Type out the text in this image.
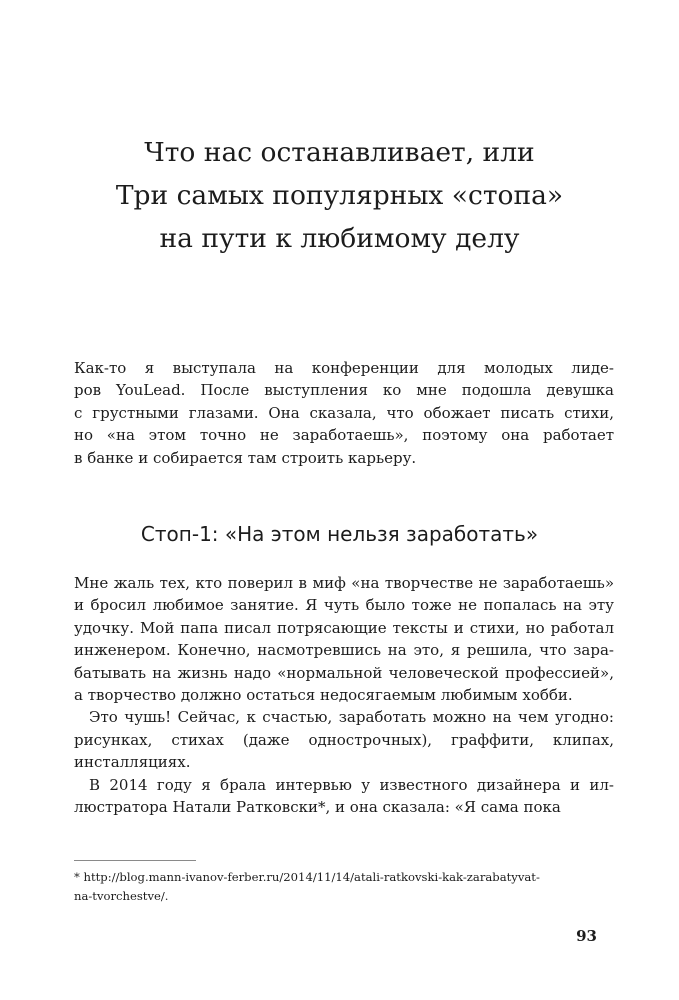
Что нас останавливает, или
Три самых популярных «стопа»
на пути к любимому делу

Как-то я выступала на конференции для молодых лиде-
ров YouLead. После выступления ко мне подошла девушка
с грустными глазами. Она сказала, что обожает писать стихи,
но «на этом точно не заработаешь», поэтому она работает
в банке и собирается там строить карьеру.

Стоп-1: «На этом нельзя заработать»

Мне жаль тех, кто поверил в миф «на творчестве не заработаешь»
и бросил любимое занятие. Я чуть было тоже не попалась на эту
удочку. Мой папа писал потрясающие тексты и стихи, но работал
инженером. Конечно, насмотревшись на это, я решила, что зара-
батывать на жизнь надо «нормальной человеческой профессией»,
а творчество должно остаться недосягаемым любимым хобби.
Это чушь! Сейчас, к счастью, заработать можно на чем угодно:
рисунках, стихах (даже однострочных), граффити, клипах,
инсталляциях.
В 2014 году я брала интервью у известного дизайнера и ил-
люстратора Натали Ратковски*, и она сказала: «Я сама пока

* http://blog.mann-ivanov-ferber.ru/2014/11/14/atali-ratkovski-kak-zarabatyvat-
na-tvorchestve/.

93
